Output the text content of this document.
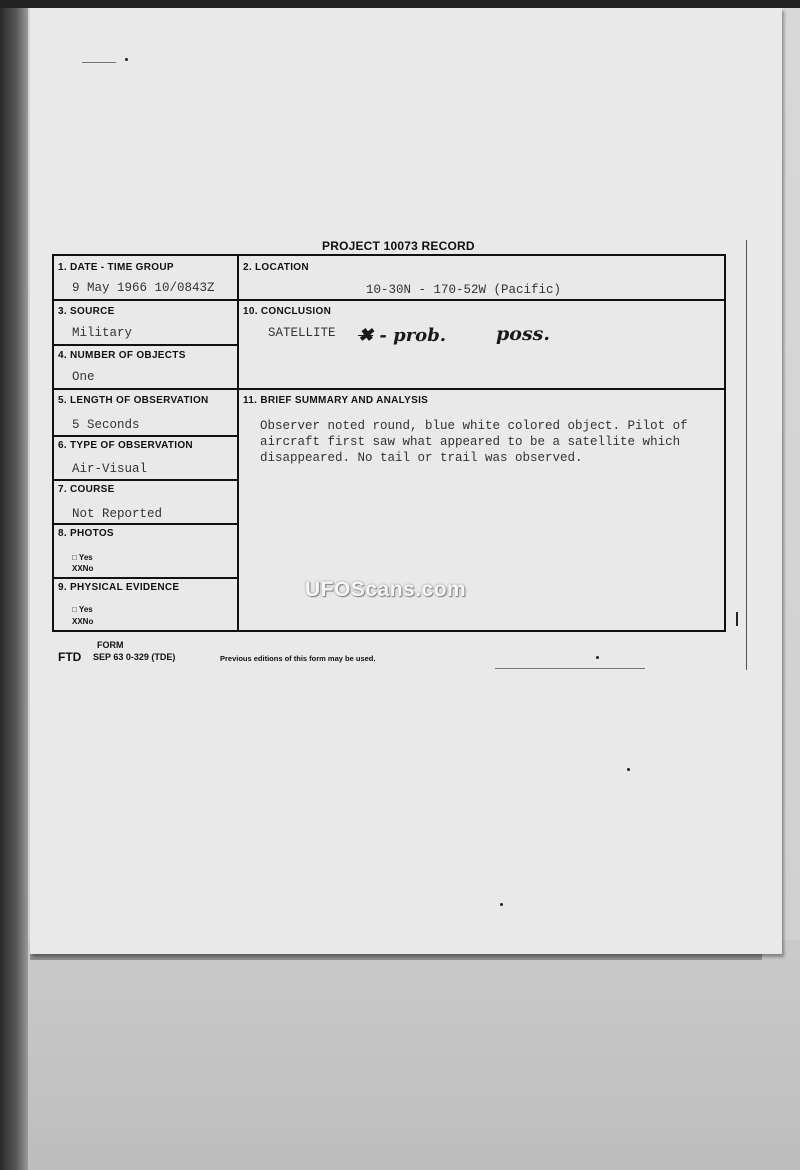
PROJECT 10073 RECORD
1. DATE - TIME GROUP
9 May 1966 10/0843Z
2. LOCATION
10-30N - 170-52W (Pacific)
3. SOURCE
Military
4. NUMBER OF OBJECTS
One
10. CONCLUSION
SATELLITE ✖︎ - prob.	poss.
5. LENGTH OF OBSERVATION
5 Seconds
6. TYPE OF OBSERVATION
Air-Visual
7. COURSE
Not Reported
8. PHOTOS
□ Yes
XXNo
9. PHYSICAL EVIDENCE
□ Yes
XXNo
11. BRIEF SUMMARY AND ANALYSIS
Observer noted round, blue white colored object. Pilot of
aircraft first saw what appeared to be a satellite which
disappeared. No tail or trail was observed.
UFOScans.com
FORM
FTD SEP 63 0-329 (TDE)	Previous editions of this form may be used.
